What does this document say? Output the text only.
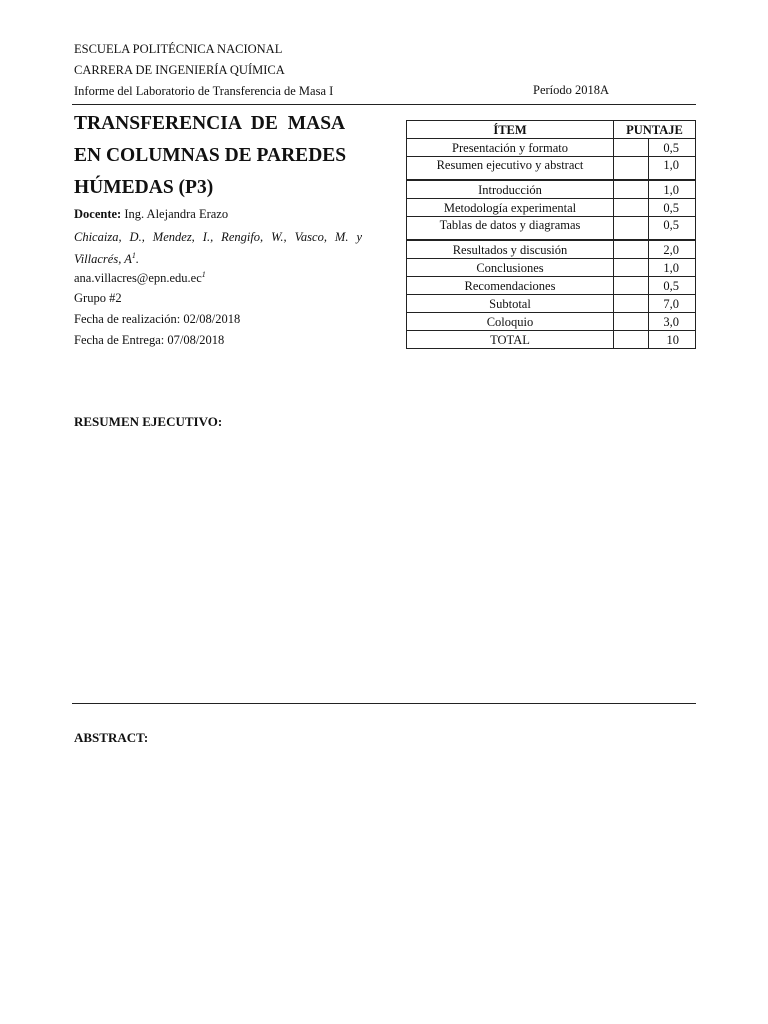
ESCUELA POLITÉCNICA NACIONAL
CARRERA DE INGENIERÍA QUÍMICA
Informe del Laboratorio de Transferencia de Masa I	Período 2018A
TRANSFERENCIA DE MASA
EN COLUMNAS DE PAREDES
HÚMEDAS (P3)
Docente: Ing. Alejandra Erazo
Chicaiza, D., Mendez, I., Rengifo, W., Vasco, M. y
Villacrés, $A^1$.
$ana.villacres@epn.edu.ec^1$
Grupo #2
Fecha de realización: 02/08/2018
Fecha de Entrega: 07/08/2018
ÍTEM	PUNTAJE	
Presentación y formato		0,5
Resumen ejecutivo y abstract		1,0
Introducción		1,0
Metodología experimental		0,5
Tablas de datos y diagramas		0,5
Resultados y discusión		2,0
Conclusiones		1,0
Recomendaciones		0,5
Subtotal		7,0
Coloquio		3,0
TOTAL		10
RESUMEN EJECUTIVO:
ABSTRACT:
